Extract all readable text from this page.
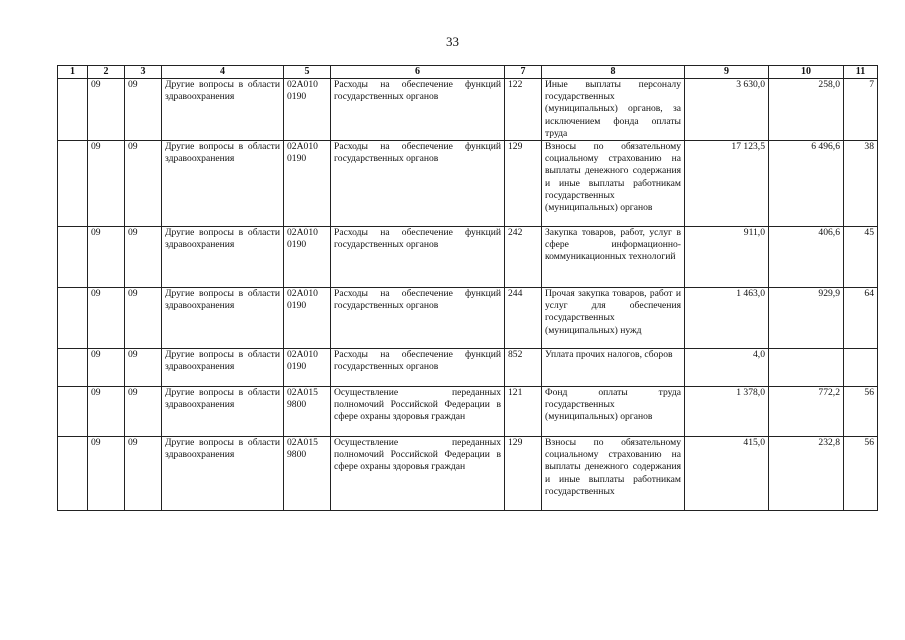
33
1	2	3	4	5	6	7	8	9	10	11
	09	09	Другие вопросы в области здравоохранения	02А010 0190	Расходы на обеспечение функций государственных органов	122	Иные выплаты персоналу государственных (муниципальных) органов, за исключением фонда оплаты труда	3 630,0	258,0	7
	09	09	Другие вопросы в области здравоохранения	02А010 0190	Расходы на обеспечение функций государственных органов	129	Взносы по обязательному социальному страхованию на выплаты денежного содержания и иные выплаты работникам государственных (муниципальных) органов	17 123,5	6 496,6	38
	09	09	Другие вопросы в области здравоохранения	02А010 0190	Расходы на обеспечение функций государственных органов	242	Закупка товаров, работ, услуг в сфере информационно-коммуникационных технологий	911,0	406,6	45
	09	09	Другие вопросы в области здравоохранения	02А010 0190	Расходы на обеспечение функций государственных органов	244	Прочая закупка товаров, работ и услуг для обеспечения государственных (муниципальных) нужд	1 463,0	929,9	64
	09	09	Другие вопросы в области здравоохранения	02А010 0190	Расходы на обеспечение функций государственных органов	852	Уплата прочих налогов, сборов	4,0		
	09	09	Другие вопросы в области здравоохранения	02А015 9800	Осуществление переданных полномочий Российской Федерации в сфере охраны здоровья граждан	121	Фонд оплаты труда государственных (муниципальных) органов	1 378,0	772,2	56
	09	09	Другие вопросы в области здравоохранения	02А015 9800	Осуществление переданных полномочий Российской Федерации в сфере охраны здоровья граждан	129	Взносы по обязательному социальному страхованию на выплаты денежного содержания и иные выплаты работникам государственных	415,0	232,8	56
